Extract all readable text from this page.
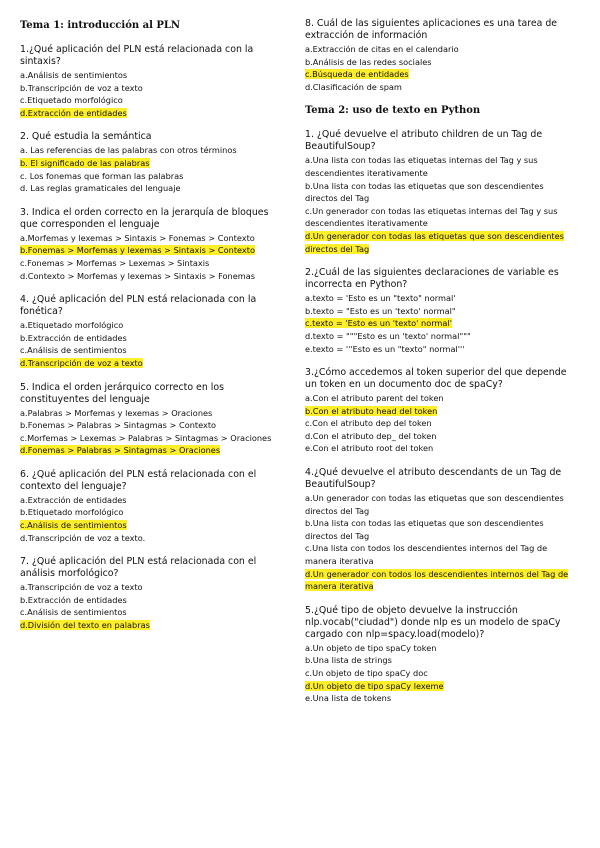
Tema 1: introducción al PLN
1.¿Qué aplicación del PLN está relacionada con la sintaxis?
a.Análisis de sentimientos
b.Transcripción de voz a texto
c.Etiquetado morfológico
d.Extracción de entidades
2. Qué estudia la semántica
a. Las referencias de las palabras con otros términos
b. El significado de las palabras
c. Los fonemas que forman las palabras
d. Las reglas gramaticales del lenguaje
3. Indica el orden correcto en la jerarquía de bloques que corresponden el lenguaje
a.Morfemas y lexemas > Sintaxis > Fonemas > Contexto
b.Fonemas > Morfemas y lexemas > Sintaxis > Contexto
c.Fonemas > Morfemas > Lexemas > Sintaxis
d.Contexto > Morfemas y lexemas > Sintaxis > Fonemas
4. ¿Qué aplicación del PLN está relacionada con la fonética?
a.Etiquetado morfológico
b.Extracción de entidades
c.Análisis de sentimientos
d.Transcripción de voz a texto
5. Indica el orden jerárquico correcto en los constituyentes del lenguaje
a.Palabras > Morfemas y lexemas > Oraciones
b.Fonemas > Palabras > Sintagmas > Contexto
c.Morfemas > Lexemas > Palabras > Sintagmas > Oraciones
d.Fonemas > Palabras > Sintagmas > Oraciones
6. ¿Qué aplicación del PLN está relacionada con el contexto del lenguaje?
a.Extracción de entidades
b.Etiquetado morfológico
c.Análisis de sentimientos
d.Transcripción de voz a texto.
7. ¿Qué aplicación del PLN está relacionada con el análisis morfológico?
a.Transcripción de voz a texto
b.Extracción de entidades
c.Análisis de sentimientos
d.División del texto en palabras
8. Cuál de las siguientes aplicaciones es una tarea de extracción de información
a.Extracción de citas en el calendario
b.Análisis de las redes sociales
c.Búsqueda de entidades
d.Clasificación de spam
Tema 2: uso de texto en Python
1. ¿Qué devuelve el atributo children de un Tag de BeautifulSoup?
a.Una lista con todas las etiquetas internas del Tag y sus descendientes iterativamente
b.Una lista con todas las etiquetas que son descendientes directos del Tag
c.Un generador con todas las etiquetas internas del Tag y sus descendientes iterativamente
d.Un generador con todas las etiquetas que son descendientes directos del Tag
2.¿Cuál de las siguientes declaraciones de variable es incorrecta en Python?
a.texto = 'Esto es un "texto" normal'
b.texto = "Esto es un 'texto' normal"
c.texto = 'Esto es un 'texto' normal'
d.texto = """Esto es un 'texto' normal"""
e.texto = '''Esto es un "texto" normal'''
3.¿Cómo accedemos al token superior del que depende un token en un documento doc de spaCy?
a.Con el atributo parent del token
b.Con el atributo head del token
c.Con el atributo dep del token
d.Con el atributo dep_ del token
e.Con el atributo root del token
4.¿Qué devuelve el atributo descendants de un Tag de BeautifulSoup?
a.Un generador con todas las etiquetas que son descendientes directos del Tag
b.Una lista con todas las etiquetas que son descendientes directos del Tag
c.Una lista con todos los descendientes internos del Tag de manera iterativa
d.Un generador con todos los descendientes internos del Tag de manera iterativa
5.¿Qué tipo de objeto devuelve la instrucción nlp.vocab("ciudad") donde nlp es un modelo de spaCy cargado con nlp=spacy.load(modelo)?
a.Un objeto de tipo spaCy token
b.Una lista de strings
c.Un objeto de tipo spaCy doc
d.Un objeto de tipo spaCy lexeme
e.Una lista de tokens
